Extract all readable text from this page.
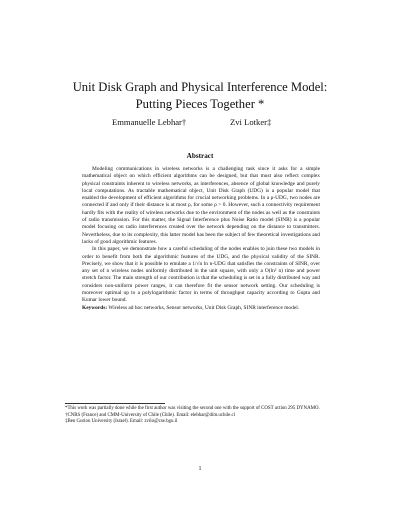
Unit Disk Graph and Physical Interference Model:
Putting Pieces Together *
Emmanuelle Lebhar†	Zvi Lotker‡
Abstract

Modeling communications in wireless networks is a challenging task since it asks for a simple mathematical object on which efficient algorithms can be designed, but that must also reflect complex physical constraints inherent to wireless networks, as interferences, absence of global knowledge and purely local computations. As tractable mathematical object, Unit Disk Graph (UDG) is a popular model that enabled the development of efficient algorithms for crucial networking problems. In a ρ-UDG, two nodes are connected if and only if their distance is at most ρ, for some ρ > 0. However, such a connectivity requirement hardly fits with the reality of wireless networks due to the environment of the nodes as well as the constraints of radio transmission. For this matter, the Signal Interference plus Noise Ratio model (SINR) is a popular model focusing on radio interferences created over the network depending on the distance to transmitters. Nevertheless, due to its complexity, this latter model has been the subject of few theoretical investigations and lacks of good algorithmic features.

In this paper, we demonstrate how a careful scheduling of the nodes enables to join these two models in order to benefit from both the algorithmic features of the UDG, and the physical validity of the SINR. Precisely, we show that it is possible to emulate a 1/√n ln n-UDG that satisfies the constraints of SINR, over any set of n wireless nodes uniformly distributed in the unit square, with only a O(ln² n) time and power stretch factor. The main strength of our contribution is that the scheduling is set in a fully distributed way and considers non-uniform power ranges, it can therefore fit the sensor network setting. Our scheduling is moreover optimal up to a polylogarithmic factor in terms of throughput capacity according to Gupta and Kumar lower bound.

Keywords: Wireless ad hoc networks, Sensor networks, Unit Disk Graph, SINR interference model.

*This work was partially done while the first author was visiting the second one with the support of COST action 295 DYNAMO.

†CNRS (France) and CMM-University of Chile (Chile). Email: elebhar@dim.uchile.cl

‡Ben Gurion University (Israel). Email: zvilo@cse.bgu.il

1
